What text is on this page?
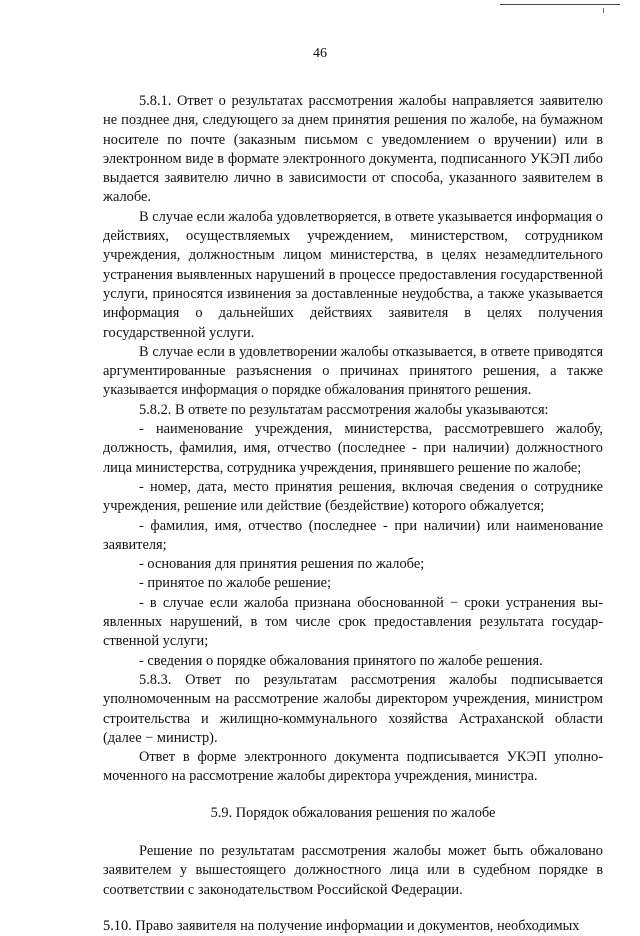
46

5.8.1. Ответ о результатах рассмотрения жалобы направляется заявителю не позднее дня, следующего за днем принятия решения по жалобе, на бумажном носителе по почте (заказным письмом с уведомлением о вручении) или в электронном виде в формате электронного документа, подписанного УКЭП либо выдается заявителю лично в зависимости от способа, указанного заявителем в жалобе.

В случае если жалоба удовлетворяется, в ответе указывается информация о действиях, осуществляемых учреждением, министерством, сотрудником учреждения, должностным лицом министерства, в целях незамедлительного устранения выявленных нарушений в процессе предоставления государственной услуги, приносятся извинения за доставленные неудобства, а также указывается информация о дальнейших действиях заявителя в целях получения государственной услуги.

В случае если в удовлетворении жалобы отказывается, в ответе приводятся аргументированные разъяснения о причинах принятого решения, а также указывается информация о порядке обжалования принятого решения.

5.8.2. В ответе по результатам рассмотрения жалобы указываются:

- наименование учреждения, министерства, рассмотревшего жалобу, должность, фамилия, имя, отчество (последнее - при наличии) должностного лица министерства, сотрудника учреждения, принявшего решение по жалобе;

- номер, дата, место принятия решения, включая сведения о сотруднике учреждения, решение или действие (бездействие) которого обжалуется;

- фамилия, имя, отчество (последнее - при наличии) или наименование заявителя;

- основания для принятия решения по жалобе;

- принятое по жалобе решение;

- в случае если жалоба признана обоснованной − сроки устранения выявленных нарушений, в том числе срок предоставления результата государственной услуги;

- сведения о порядке обжалования принятого по жалобе решения.

5.8.3. Ответ по результатам рассмотрения жалобы подписывается уполномоченным на рассмотрение жалобы директором учреждения, министром строительства и жилищно-коммунального хозяйства Астраханской области (далее − министр).

Ответ в форме электронного документа подписывается УКЭП уполномоченного на рассмотрение жалобы директора учреждения, министра.

5.9. Порядок обжалования решения по жалобе

Решение по результатам рассмотрения жалобы может быть обжаловано заявителем у вышестоящего должностного лица или в судебном порядке в соответствии с законодательством Российской Федерации.

5.10. Право заявителя на получение информации и документов, необходимых
